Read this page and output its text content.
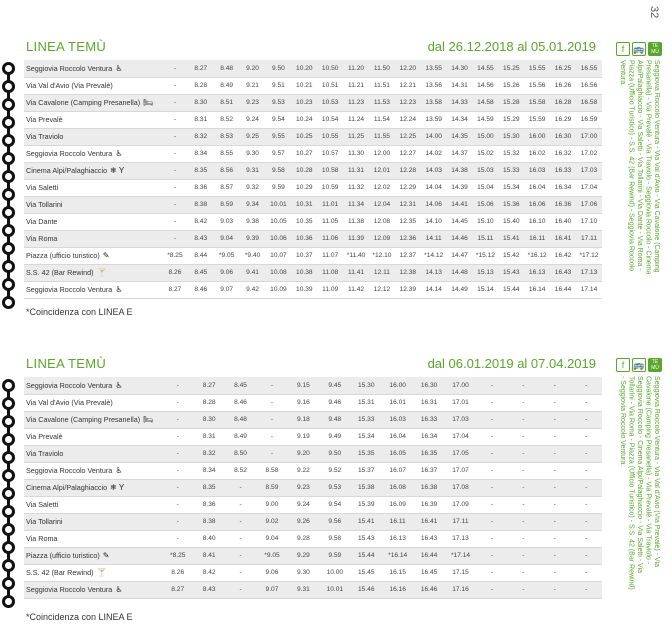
32
LINEA TEMÙ	dal 26.12.2018 al 05.01.2019
Seggiovia Roccolo Ventura ♿	-	8.27	8.48	9.20	9.50	10.20	10.50	11.20	11.50	12.20	13.55	14.30	14.55	15.25	15.55	16.25	16.55
Via Val d'Avio (Via Prevalè)	-	8.28	8.49	9.21	9.51	10.21	10.51	11.21	11.51	12.21	13.56	14.31	14.56	15.26	15.56	16.26	16.56
Via Cavalone (Camping Presanella) 🛏	-	8.30	8.51	9.23	9.53	10.23	10.53	11.23	11.53	12.23	13.58	14.33	14.58	15.28	15.58	16.28	16.58
Via Prevalè	-	8.31	8.52	9.24	9.54	10.24	10.54	11.24	11.54	12.24	13.59	14.34	14.59	15.29	15.59	16.29	16.59
Via Traviolo	-	8.32	8.53	9.25	9.55	10.25	10.55	11.25	11.55	12.25	14.00	14.35	15.00	15.30	16.00	16.30	17.00
Seggiovia Roccolo Ventura ♿	-	8.34	8.55	9.30	9.57	10.27	10.57	11.30	12.00	12.27	14.02	14.37	15.02	15.32	16.02	16.32	17.02
Cinema Alpi/Palaghiaccio ❄ Y	-	8.35	8.56	9.31	9.58	10.28	10.58	11.31	12.01	12.28	14.03	14.38	15.03	15.33	16.03	16.33	17.03
Via Saletti	-	8.36	8.57	9.32	9.59	10.29	10.59	11.32	12.02	12.29	14.04	14.39	15.04	15.34	16.04	16.34	17.04
Via Tollarini	-	8.38	8.59	9.34	10.01	10.31	11.01	11.34	12.04	12.31	14.06	14.41	15.06	15.36	16.06	16.36	17.06
Via Dante	-	8.42	9.03	9.38	10.05	10.35	11.05	11.38	12.08	12.35	14.10	14.45	15.10	15.40	16.10	16.40	17.10
Via Roma	-	8.43	9.04	9.39	10.06	10.36	11.06	11.39	12.09	12.36	14.11	14.46	15.11	15.41	16.11	16.41	17.11
Piazza (ufficio turistico) ✎	*8.25	8.44	*9.05	*9.40	10.07	10.37	11.07	*11.40	*12.10	12.37	*14.12	14.47	*15.12	15.42	*16.12	16.42	*17.12
S.S. 42 (Bar Rewind) 🍸	8.26	8.45	9.06	9.41	10.08	10.38	11.08	11.41	12.11	12.38	14.13	14.48	15.13	15.43	16.13	16.43	17.13
Seggiovia Roccolo Ventura ♿	8.27	8.46	9.07	9.42	10.09	10.39	11.09	11.42	12.12	12.39	14.14	14.49	15.14	15.44	16.14	16.44	17.14
*Coincidenza con LINEA E
LINEA TEMÙ	dal 06.01.2019 al 07.04.2019
Seggiovia Roccolo Ventura ♿	-	8.27	8.45	-	9.15	9.45	15.30	16.00	16.30	17.00	-	-	-	-
Via Val d'Avio (Via Prevalè)	-	8.28	8.46	-	9.16	9.46	15.31	16.01	16.31	17.01	-	-	-	-
Via Cavalone (Camping Presanella) 🛏	-	8.30	8.48	-	9.18	9.48	15.33	16.03	16.33	17.03	-	-	-	-
Via Prevalè	-	8.31	8.49	-	9.19	9.49	15.34	16.04	16.34	17.04	-	-	-	-
Via Traviolo	-	8.32	8.50	-	9.20	9.50	15.35	16.05	16.35	17.05	-	-	-	-
Seggiovia Roccolo Ventura ♿	-	8.34	8.52	8.58	9.22	9.52	15.37	16.07	16.37	17.07	-	-	-	-
Cinema Alpi/Palaghiaccio ❄ Y	-	8.35	-	8.59	9.23	9.53	15.38	16.08	16.38	17.08	-	-	-	-
Via Saletti	-	8.36	-	9.00	9.24	9.54	15.39	16.09	16.39	17.09	-	-	-	-
Via Tollarini	-	8.38	-	9.02	9.26	9.56	15.41	16.11	16.41	17.11	-	-	-	-
Via Roma	-	8.40	-	9.04	9.28	9.58	15.43	16.13	16.43	17.13	-	-	-	-
Piazza (ufficio turistico) ✎	*8.25	8.41	-	*9.05	9.29	9.59	15.44	*16.14	16.44	*17.14	-	-	-	-
S.S. 42 (Bar Rewind) 🍸	8.26	8.42	-	9.06	9.30	10.00	15.45	16.15	16.45	17.15	-	-	-	-
Seggiovia Roccolo Ventura ♿	8.27	8.43	-	9.07	9.31	10.01	15.46	16.16	16.46	17.16	-	-	-	-
*Coincidenza con LINEA E
f	🚌	TE MÙ
Seggiovia Roccolo Ventura - Via Val d'Avio - Via Cavalone (Camping Presanella) - Via Prevalè - Via Traviolo - Seggiovia Roccolo - Cinema Alpi/Palaghiaccio - Via Saletti - Via Tollarini - Via Dante - Via Roma - Piazza (Ufficio Turistico) - S.S. 42 (Bar Rewind) - Seggiovia Roccolo Ventura.
f	🚌	TE MÙ
Seggiovia Roccolo Ventura - Via Val d'Avio (Via Prevalè) - Via Cavalone (Camping Presanella) - Via Prevalè - Via Traviolo - Seggiovia Roccolo - Cinema Alpi/Palaghiaccio - Via Saletti - Via Tollarini - Via Roma - Piazza (Ufficio Turistico) - S.S. 42 (Bar Rewind) - Seggiovia Roccolo Ventura.
